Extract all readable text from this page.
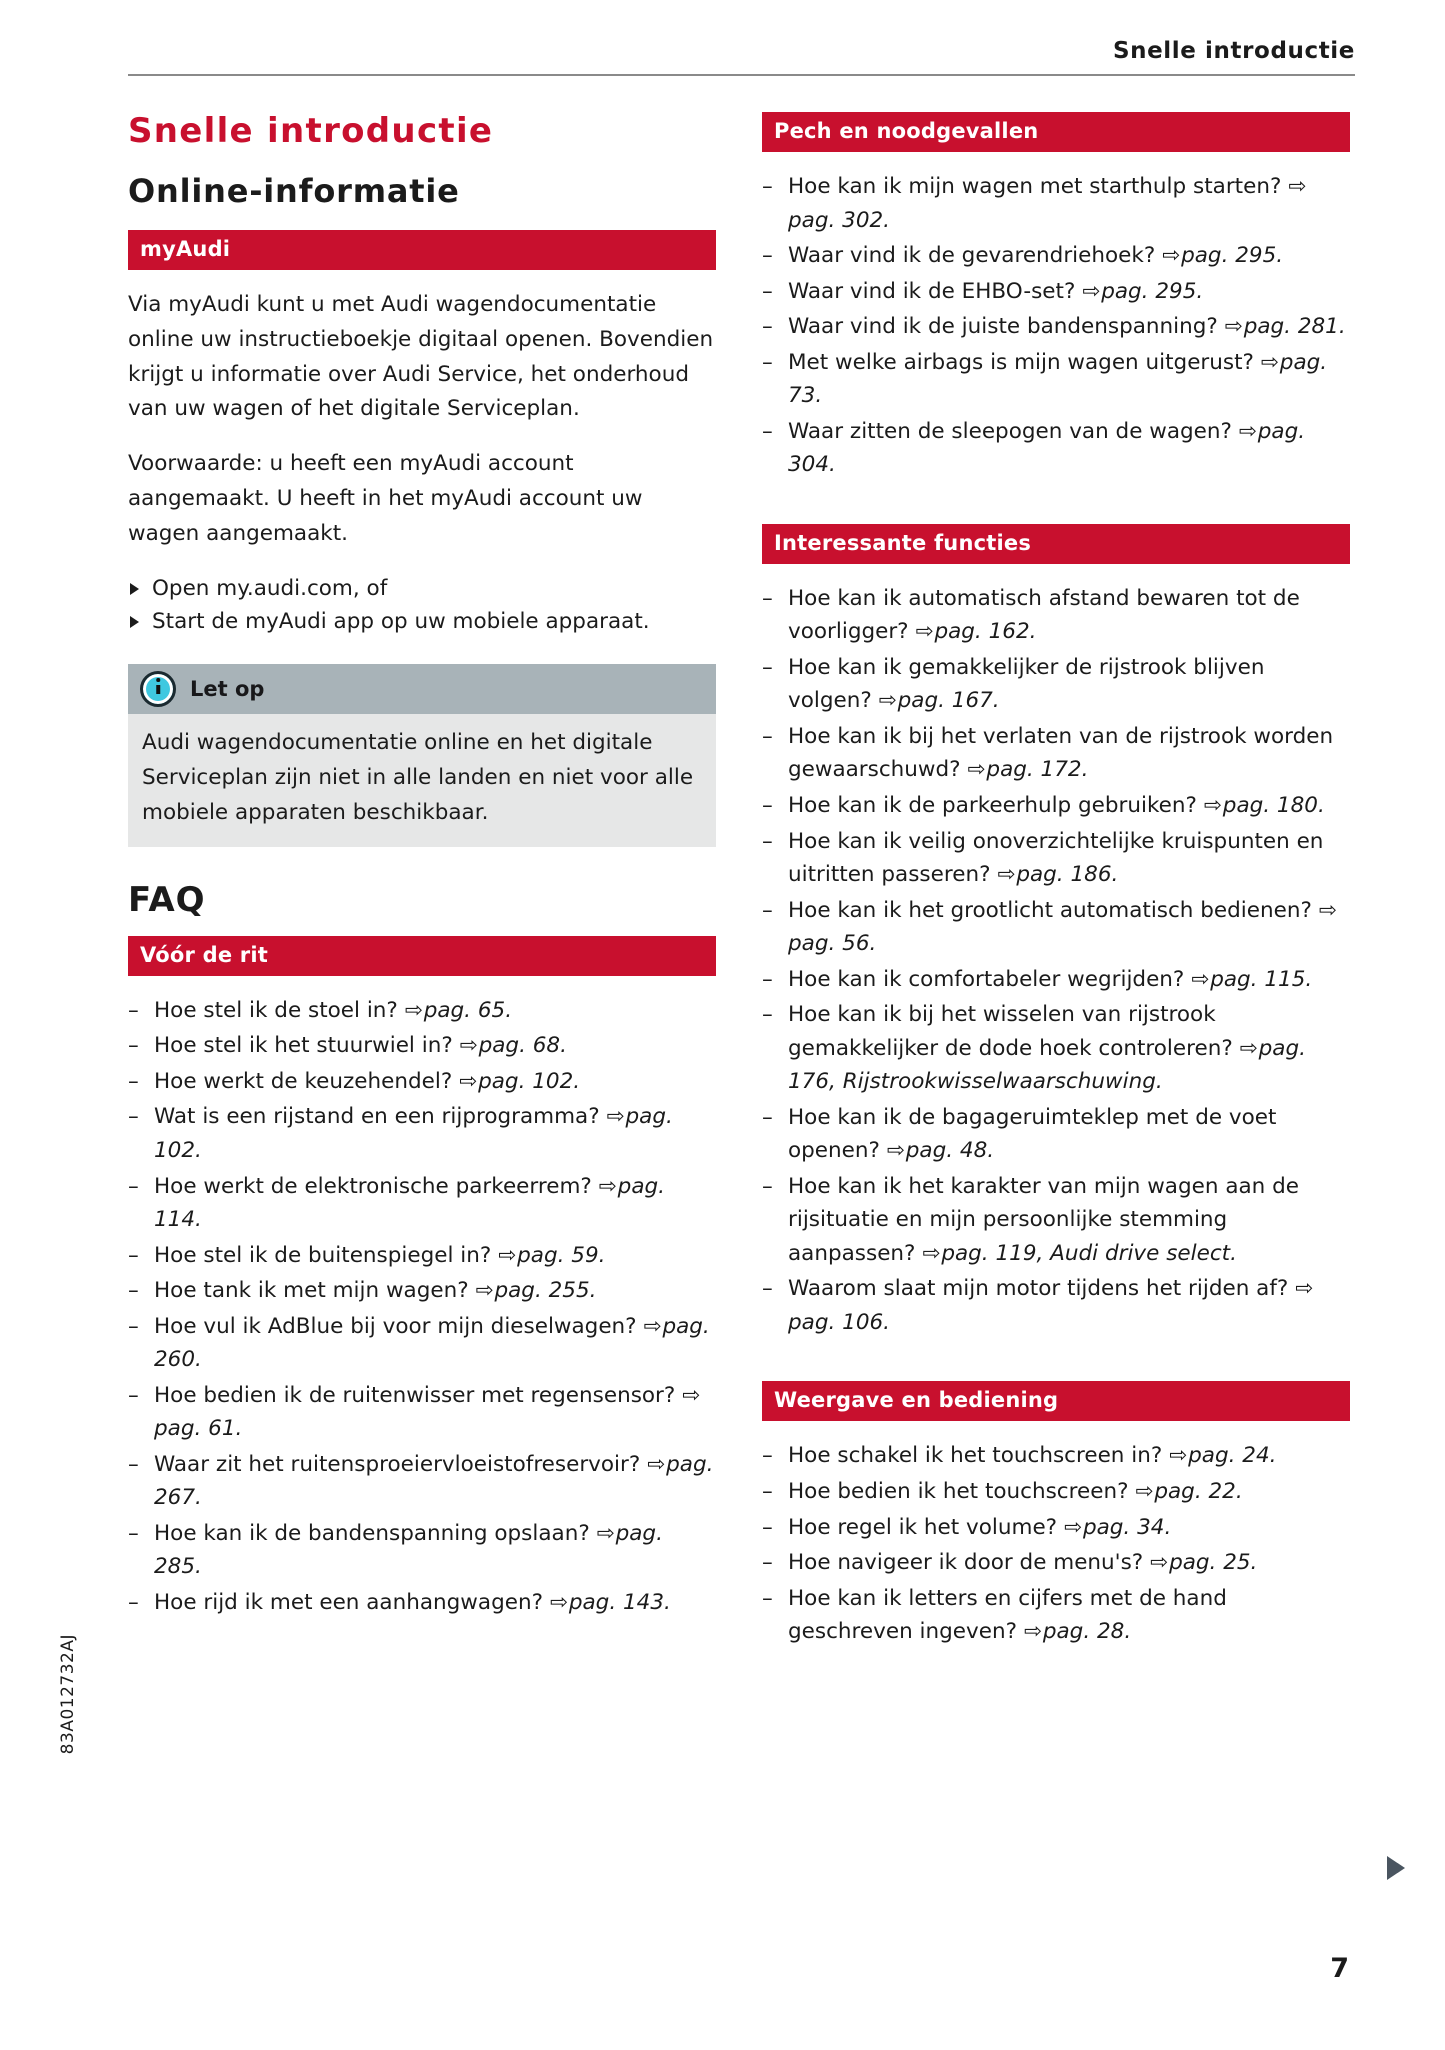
Snelle introductie
Snelle introductie
Online-informatie
myAudi

Via myAudi kunt u met Audi wagendocumentatie online uw instructieboekje digitaal openen. Bovendien krijgt u informatie over Audi Service, het onderhoud van uw wagen of het digitale Serviceplan.

Voorwaarde: u heeft een myAudi account aangemaakt. U heeft in het myAudi account uw wagen aangemaakt.

Open my.audi.com, of
Start de myAudi app op uw mobiele apparaat.
Let op
Audi wagendocumentatie online en het digitale Serviceplan zijn niet in alle landen en niet voor alle mobiele apparaten beschikbaar.
FAQ
Vóór de rit
– Hoe stel ik de stoel in? ⇨pag. 65.
– Hoe stel ik het stuurwiel in? ⇨pag. 68.
– Hoe werkt de keuzehendel? ⇨pag. 102.
– Wat is een rijstand en een rijprogramma? ⇨pag. 102.
– Hoe werkt de elektronische parkeerrem? ⇨pag. 114.
– Hoe stel ik de buitenspiegel in? ⇨pag. 59.
– Hoe tank ik met mijn wagen? ⇨pag. 255.
– Hoe vul ik AdBlue bij voor mijn dieselwagen? ⇨pag. 260.
– Hoe bedien ik de ruitenwisser met regensensor? ⇨pag. 61.
– Waar zit het ruitensproeiervloeistofreservoir? ⇨pag. 267.
– Hoe kan ik de bandenspanning opslaan? ⇨pag. 285.
– Hoe rijd ik met een aanhangwagen? ⇨pag. 143.
Pech en noodgevallen
– Hoe kan ik mijn wagen met starthulp starten? ⇨pag. 302.
– Waar vind ik de gevarendriehoek? ⇨pag. 295.
– Waar vind ik de EHBO-set? ⇨pag. 295.
– Waar vind ik de juiste bandenspanning? ⇨pag. 281.
– Met welke airbags is mijn wagen uitgerust? ⇨pag. 73.
– Waar zitten de sleepogen van de wagen? ⇨pag. 304.
Interessante functies
– Hoe kan ik automatisch afstand bewaren tot de voorligger? ⇨pag. 162.
– Hoe kan ik gemakkelijker de rijstrook blijven volgen? ⇨pag. 167.
– Hoe kan ik bij het verlaten van de rijstrook worden gewaarschuwd? ⇨pag. 172.
– Hoe kan ik de parkeerhulp gebruiken? ⇨pag. 180.
– Hoe kan ik veilig onoverzichtelijke kruispunten en uitritten passeren? ⇨pag. 186.
– Hoe kan ik het grootlicht automatisch bedienen? ⇨pag. 56.
– Hoe kan ik comfortabeler wegrijden? ⇨pag. 115.
– Hoe kan ik bij het wisselen van rijstrook gemakkelijker de dode hoek controleren? ⇨pag. 176, Rijstrookwisselwaarschuwing.
– Hoe kan ik de bagageruimteklep met de voet openen? ⇨pag. 48.
– Hoe kan ik het karakter van mijn wagen aan de rijsituatie en mijn persoonlijke stemming aanpassen? ⇨pag. 119, Audi drive select.
– Waarom slaat mijn motor tijdens het rijden af? ⇨pag. 106.
Weergave en bediening
– Hoe schakel ik het touchscreen in? ⇨pag. 24.
– Hoe bedien ik het touchscreen? ⇨pag. 22.
– Hoe regel ik het volume? ⇨pag. 34.
– Hoe navigeer ik door de menu's? ⇨pag. 25.
– Hoe kan ik letters en cijfers met de hand geschreven ingeven? ⇨pag. 28.
83A012732AJ
7
